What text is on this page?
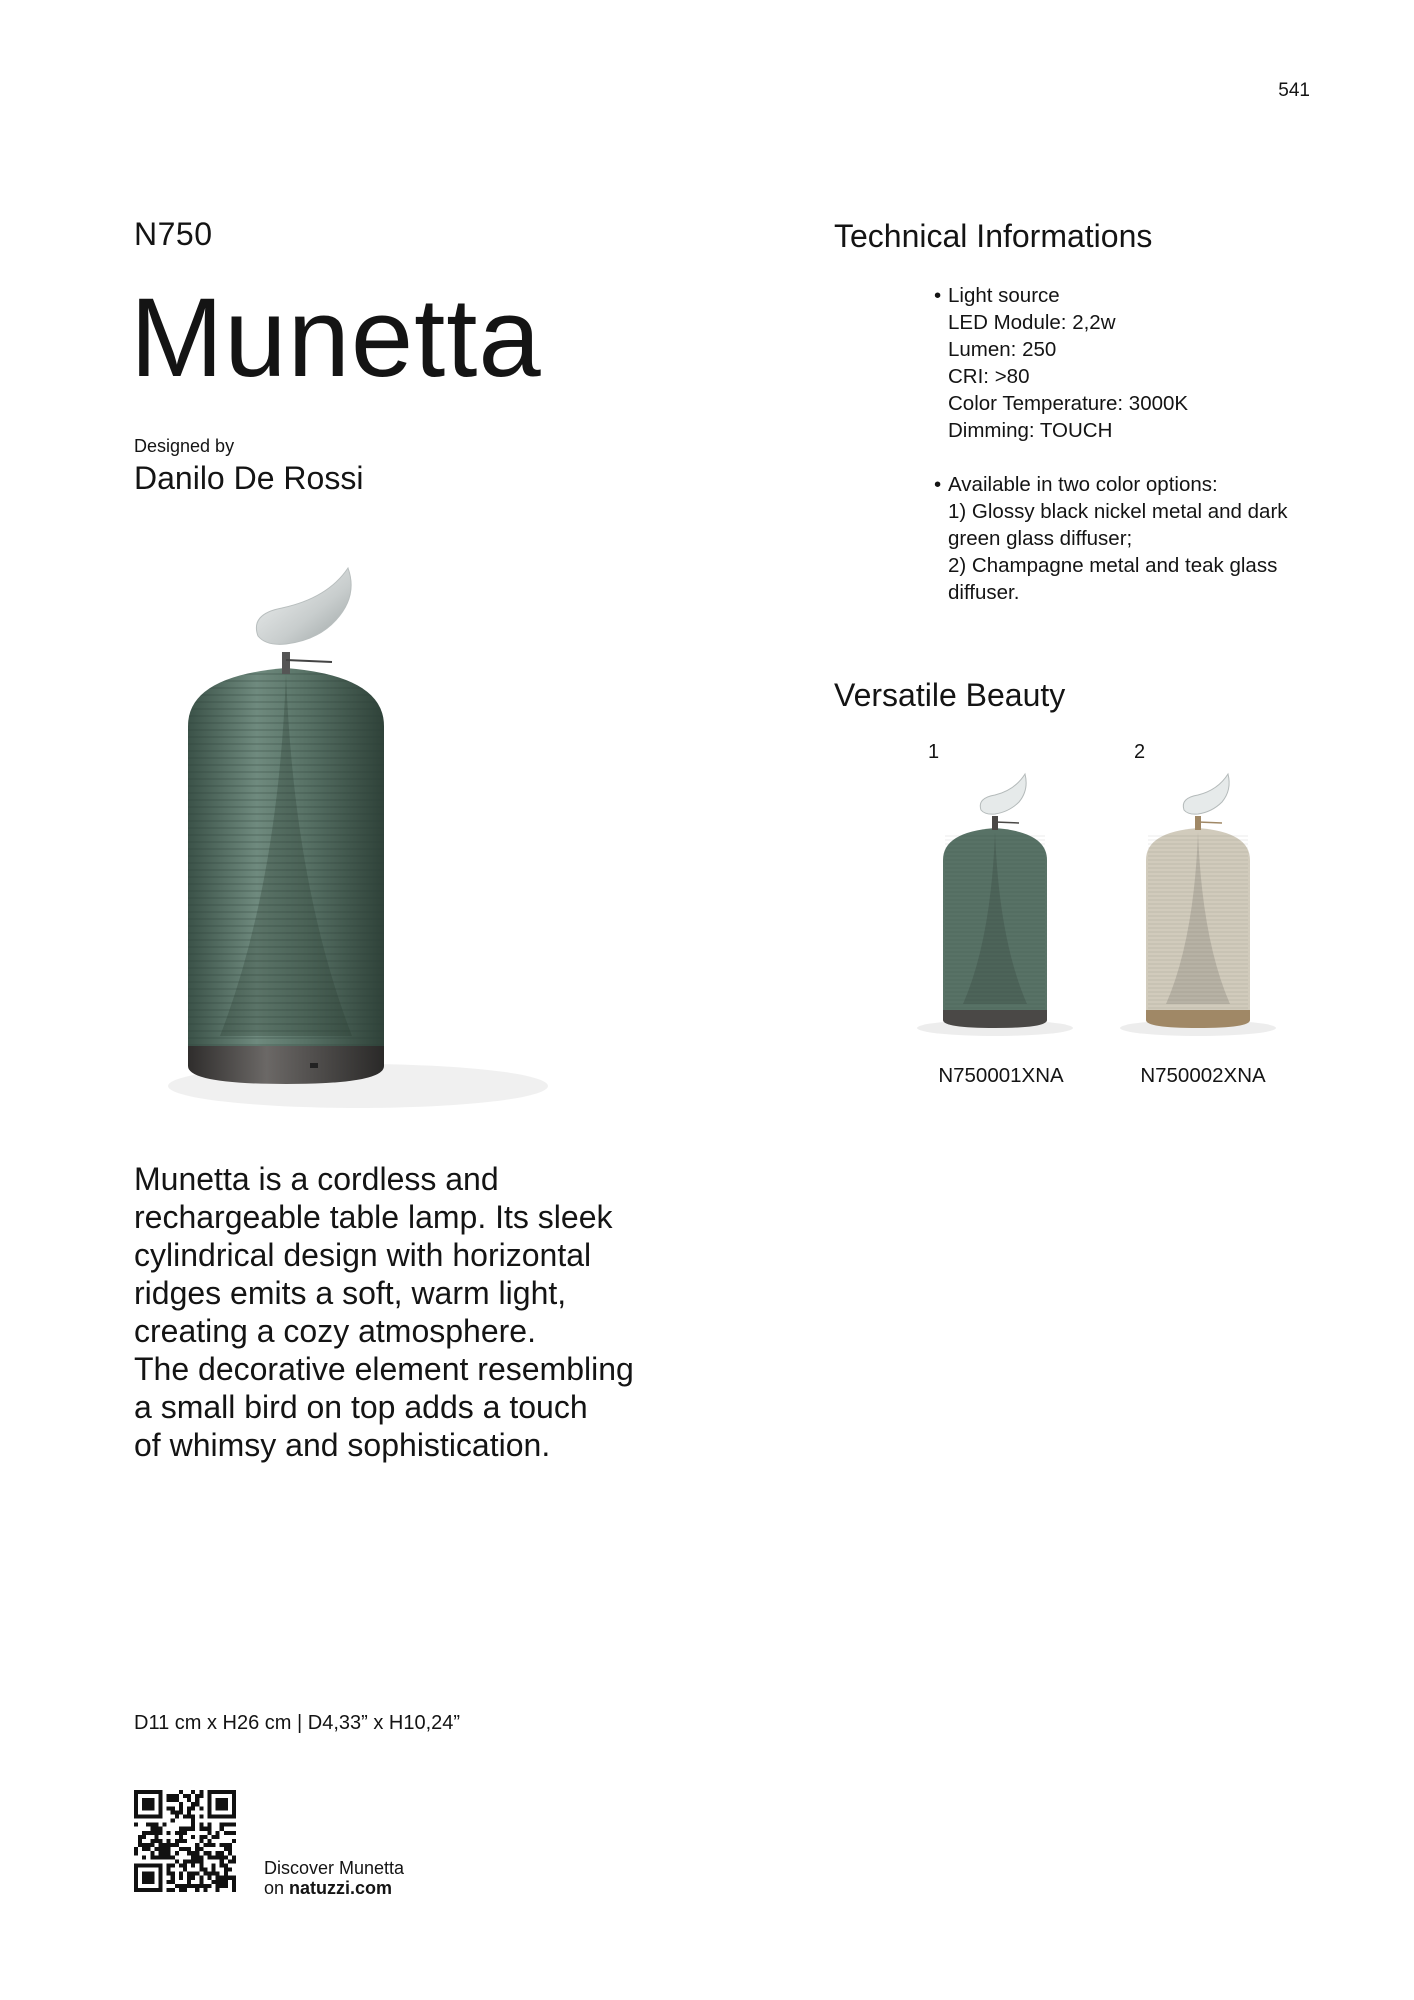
541
N750
Munetta
Designed by
Danilo De Rossi
Munetta is a cordless and
rechargeable table lamp. Its sleek
cylindrical design with horizontal
ridges emits a soft, warm light,
creating a cozy atmosphere.
The decorative element resembling
a small bird on top adds a touch
of whimsy and sophistication.
D11 cm x H26 cm | D4,33” x H10,24”
Discover Munetta
on natuzzi.com
Technical Informations
• Light source
LED Module: 2,2w
Lumen: 250
CRI: >80
Color Temperature: 3000K
Dimming: TOUCH
• Available in two color options:
1) Glossy black nickel metal and dark
green glass diffuser;
2) Champagne metal and teak glass
diffuser.
Versatile Beauty
1	2
N750001XNA	N750002XNA
